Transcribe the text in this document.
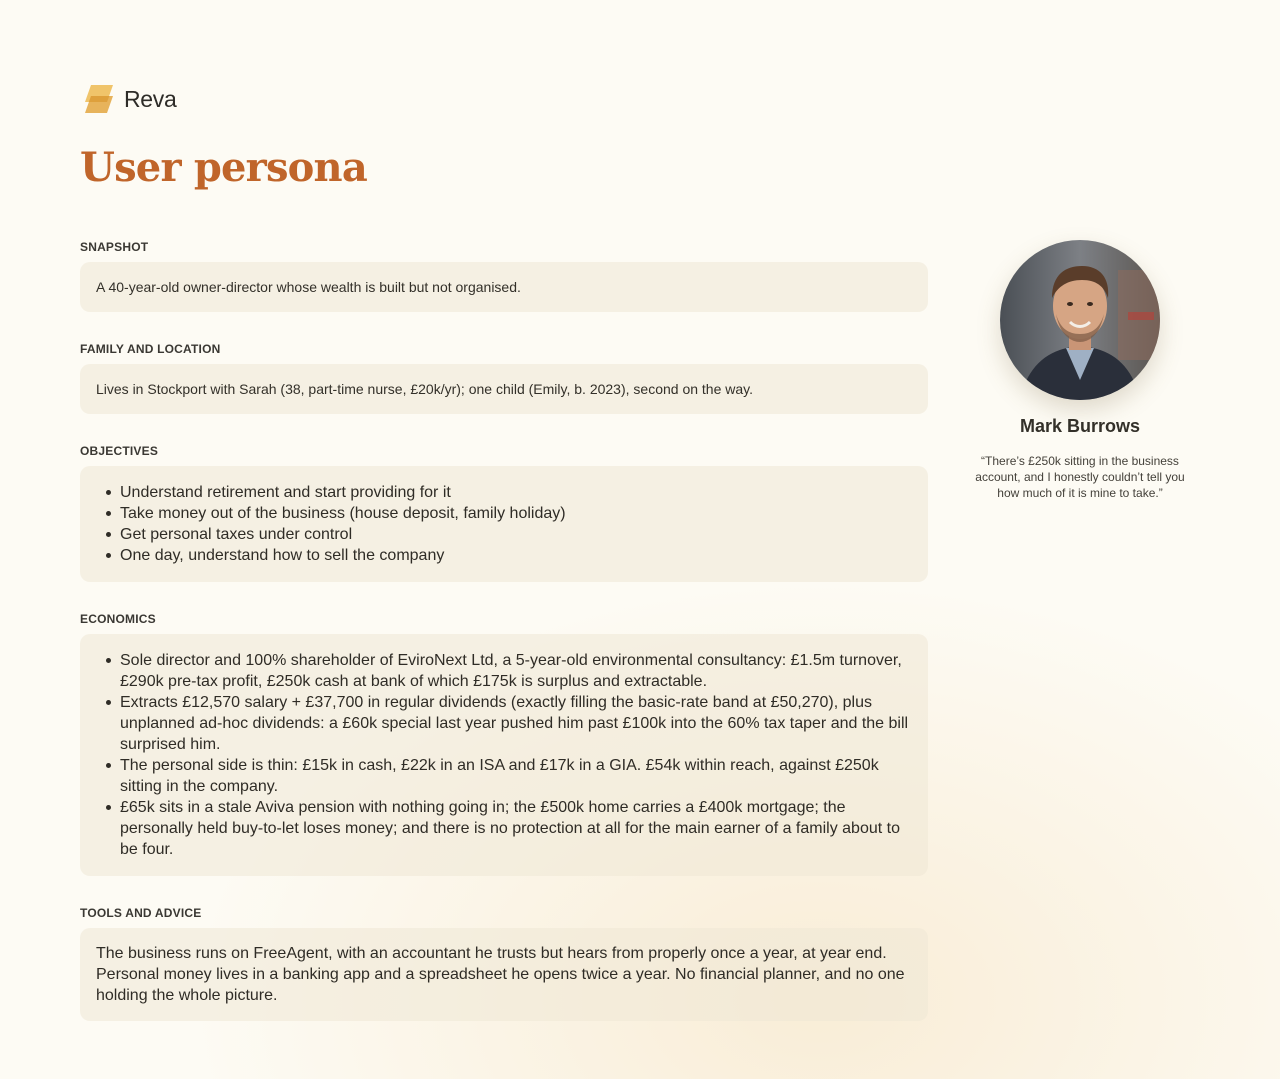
Reva
User persona
SNAPSHOT
A 40-year-old owner-director whose wealth is built but not organised.
FAMILY AND LOCATION
Lives in Stockport with Sarah (38, part-time nurse, £20k/yr); one child (Emily, b. 2023), second on the way.
OBJECTIVES
Understand retirement and start providing for it
Take money out of the business (house deposit, family holiday)
Get personal taxes under control
One day, understand how to sell the company
ECONOMICS
Sole director and 100% shareholder of EviroNext Ltd, a 5-year-old environmental consultancy: £1.5m turnover, £290k pre-tax profit, £250k cash at bank of which £175k is surplus and extractable.
Extracts £12,570 salary + £37,700 in regular dividends (exactly filling the basic-rate band at £50,270), plus unplanned ad-hoc dividends: a £60k special last year pushed him past £100k into the 60% tax taper and the bill surprised him.
The personal side is thin: £15k in cash, £22k in an ISA and £17k in a GIA. £54k within reach, against £250k sitting in the company.
£65k sits in a stale Aviva pension with nothing going in; the £500k home carries a £400k mortgage; the personally held buy-to-let loses money; and there is no protection at all for the main earner of a family about to be four.
TOOLS AND ADVICE
The business runs on FreeAgent, with an accountant he trusts but hears from properly once a year, at year end. Personal money lives in a banking app and a spreadsheet he opens twice a year. No financial planner, and no one holding the whole picture.
Mark Burrows
“There’s £250k sitting in the business account, and I honestly couldn’t tell you how much of it is mine to take.”
